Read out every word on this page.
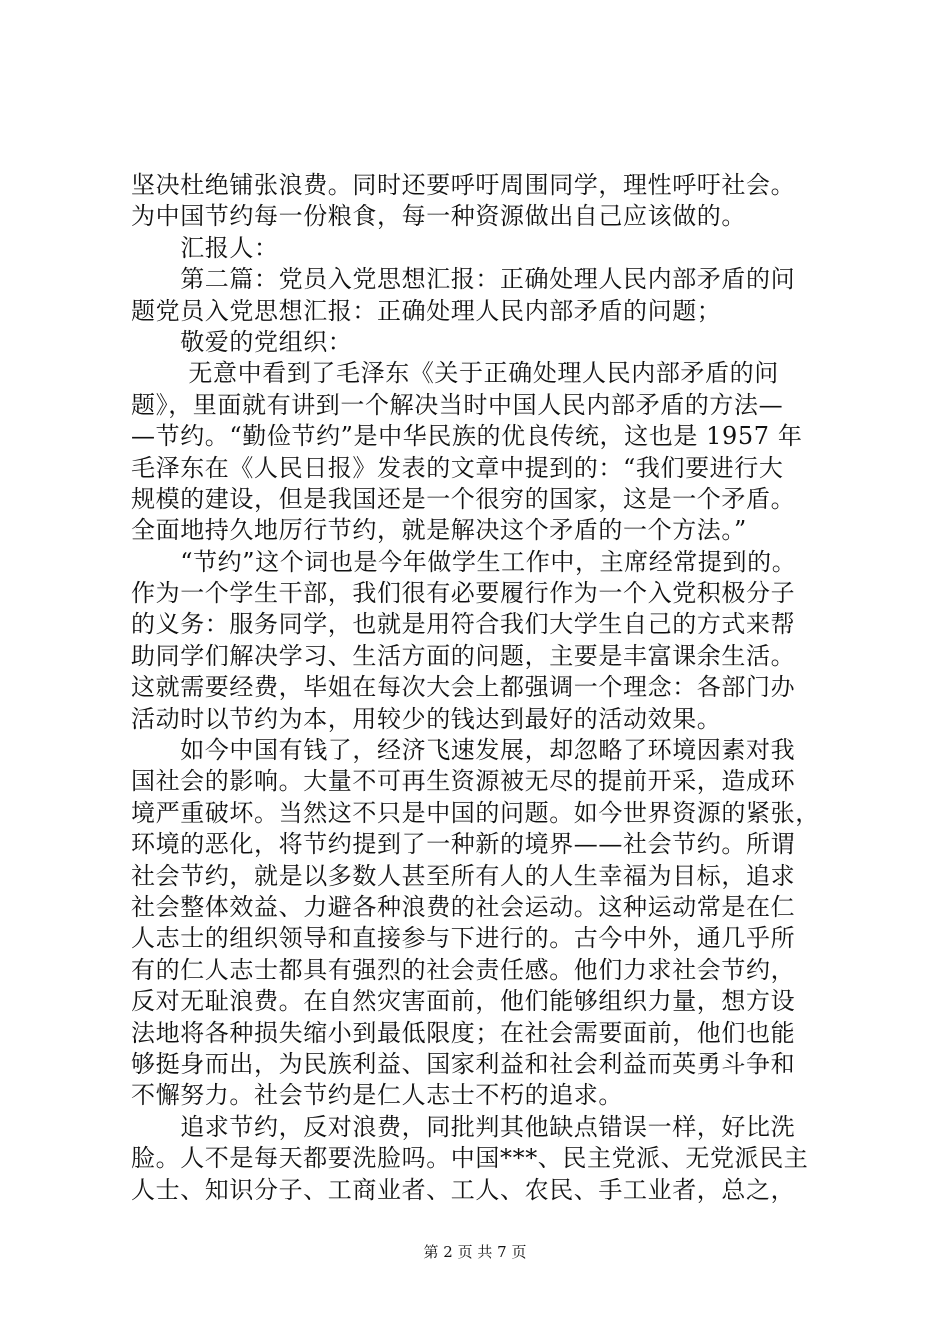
坚决杜绝铺张浪费。同时还要呼吁周围同学，理性呼吁社会。
为中国节约每一份粮食，每一种资源做出自己应该做的。
　　汇报人：
　　第二篇：党员入党思想汇报：正确处理人民内部矛盾的问
题党员入党思想汇报：正确处理人民内部矛盾的问题；
　　敬爱的党组织：
　　 无意中看到了毛泽东《关于正确处理人民内部矛盾的问
题》，里面就有讲到一个解决当时中国人民内部矛盾的方法—
—节约。“勤俭节约”是中华民族的优良传统，这也是 1957 年
毛泽东在《人民日报》发表的文章中提到的：“我们要进行大
规模的建设，但是我国还是一个很穷的国家，这是一个矛盾。
全面地持久地厉行节约，就是解决这个矛盾的一个方法。”
　　“节约”这个词也是今年做学生工作中，主席经常提到的。
作为一个学生干部，我们很有必要履行作为一个入党积极分子
的义务：服务同学，也就是用符合我们大学生自己的方式来帮
助同学们解决学习、生活方面的问题，主要是丰富课余生活。
这就需要经费，毕姐在每次大会上都强调一个理念：各部门办
活动时以节约为本，用较少的钱达到最好的活动效果。
　　如今中国有钱了，经济飞速发展，却忽略了环境因素对我
国社会的影响。大量不可再生资源被无尽的提前开采，造成环
境严重破坏。当然这不只是中国的问题。如今世界资源的紧张，
环境的恶化，将节约提到了一种新的境界——社会节约。所谓
社会节约，就是以多数人甚至所有人的人生幸福为目标，追求
社会整体效益、力避各种浪费的社会运动。这种运动常是在仁
人志士的组织领导和直接参与下进行的。古今中外，通几乎所
有的仁人志士都具有强烈的社会责任感。他们力求社会节约，
反对无耻浪费。在自然灾害面前，他们能够组织力量，想方设
法地将各种损失缩小到最低限度；在社会需要面前，他们也能
够挺身而出，为民族利益、国家利益和社会利益而英勇斗争和
不懈努力。社会节约是仁人志士不朽的追求。
　　追求节约，反对浪费，同批判其他缺点错误一样，好比洗
脸。人不是每天都要洗脸吗。中国***、民主党派、无党派民主
人士、知识分子、工商业者、工人、农民、手工业者，总之，
第 2 页 共 7 页
